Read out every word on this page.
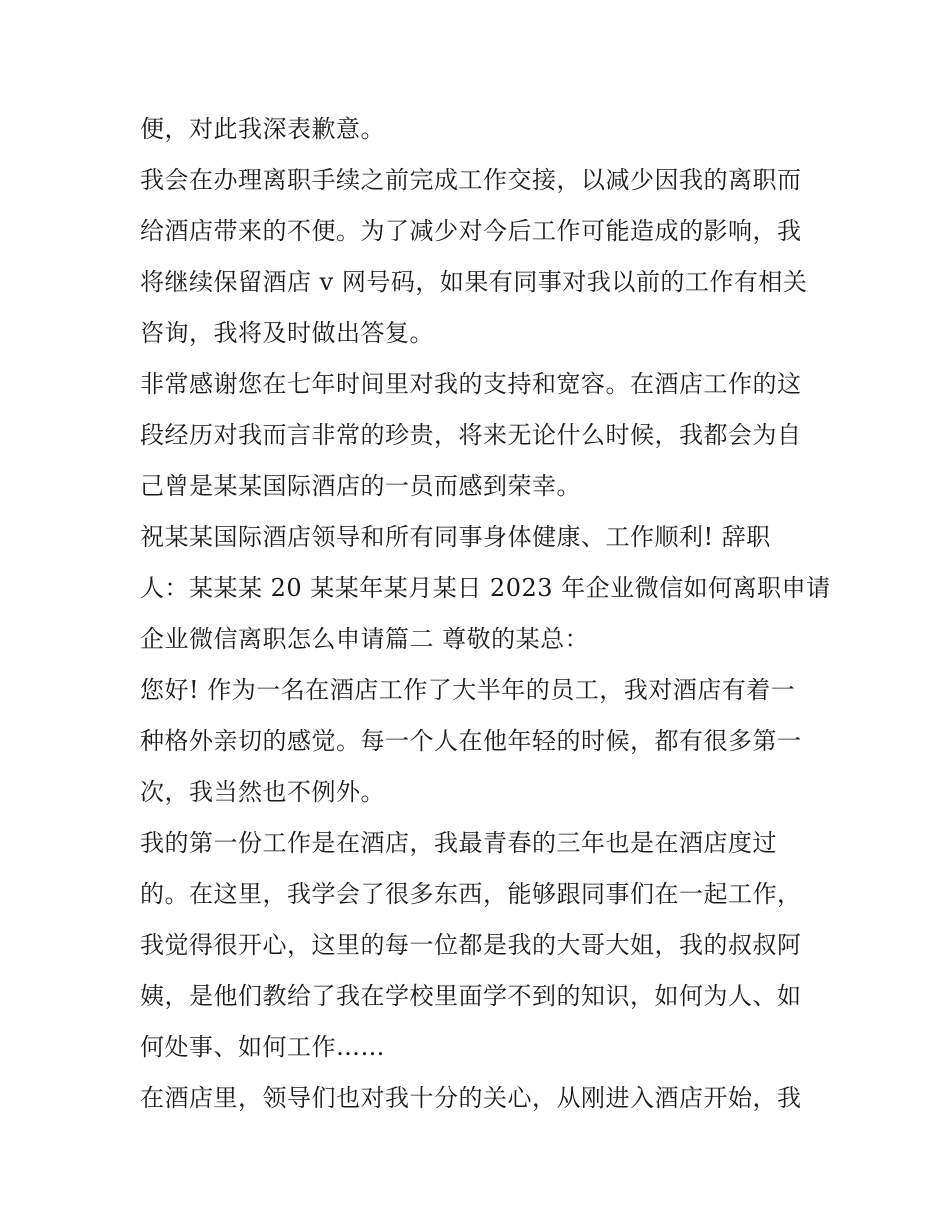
便，对此我深表歉意。
我会在办理离职手续之前完成工作交接，以减少因我的离职而
给酒店带来的不便。为了减少对今后工作可能造成的影响，我
将继续保留酒店 v 网号码，如果有同事对我以前的工作有相关
咨询，我将及时做出答复。
非常感谢您在七年时间里对我的支持和宽容。在酒店工作的这
段经历对我而言非常的珍贵，将来无论什么时候，我都会为自
己曾是某某国际酒店的一员而感到荣幸。
祝某某国际酒店领导和所有同事身体健康、工作顺利! 辞职
人：某某某 20 某某年某月某日 2023 年企业微信如何离职申请
企业微信离职怎么申请篇二 尊敬的某总：
您好! 作为一名在酒店工作了大半年的员工，我对酒店有着一
种格外亲切的感觉。每一个人在他年轻的时候，都有很多第一
次，我当然也不例外。
我的第一份工作是在酒店，我最青春的三年也是在酒店度过
的。在这里，我学会了很多东西，能够跟同事们在一起工作，
我觉得很开心，这里的每一位都是我的大哥大姐，我的叔叔阿
姨，是他们教给了我在学校里面学不到的知识，如何为人、如
何处事、如何工作……
在酒店里，领导们也对我十分的关心，从刚进入酒店开始，我
